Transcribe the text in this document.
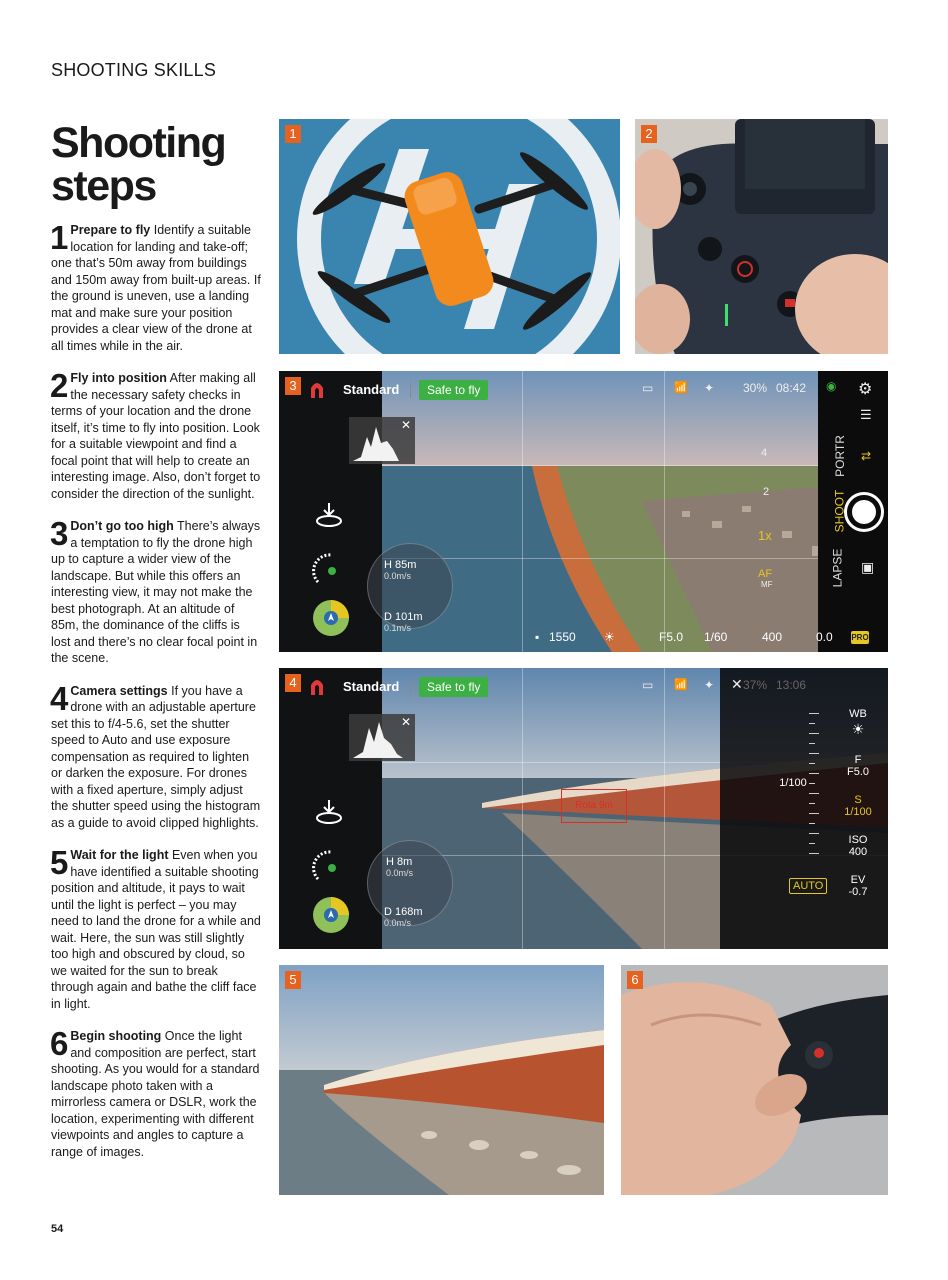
SHOOTING SKILLS
Shooting steps

1 Prepare to fly Identify a suitable location for landing and take-off; one that’s 50m away from buildings and 150m away from built-up areas. If the ground is uneven, use a landing mat and make sure your position provides a clear view of the drone at all times while in the air.

2 Fly into position After making all the necessary safety checks in terms of your location and the drone itself, it’s time to fly into position. Look for a suitable viewpoint and find a focal point that will help to create an interesting image. Also, don’t forget to consider the direction of the sunlight.

3 Don’t go too high There’s always a temptation to fly the drone high up to capture a wider view of the landscape. But while this offers an interesting view, it may not make the best photograph. At an altitude of 85m, the dominance of the cliffs is lost and there’s no clear focal point in the scene.

4 Camera settings If you have a drone with an adjustable aperture set this to f/4-5.6, set the shutter speed to Auto and use exposure compensation as required to lighten or darken the exposure. For drones with a fixed aperture, simply adjust the shutter speed using the histogram as a guide to avoid clipped highlights.

5 Wait for the light Even when you have identified a suitable shooting position and altitude, it pays to wait until the light is perfect – you may need to land the drone for a while and wait. Here, the sun was still slightly too high and obscured by cloud, so we waited for the sun to break through again and bathe the cliff face in light.

6 Begin shooting Once the light and composition are perfect, start shooting. As you would for a standard landscape photo taken with a mirrorless camera or DSLR, work the location, experimenting with different viewpoints and angles to capture a range of images.

54
1	2
3	Standard	Safe to fly	▭ 📶 ✦ 30% 08:42
✕
H 85m
0.0m/s
D 101m
0.1m/s
4
2
1x
AF
MF
◉ ⚙
☰
PORTR
SHOOT
LAPSE
⇄
▣
PRO
▪ 1550 ☀	F5.0 1/60	400	0.0
4	Standard	Safe to fly	▭ 📶 ✦ ✕ 37% 13:06
✕
H 8m
0.0m/s
D 168m
0.0m/s
Rota 9m
1/100
AUTO
WB
☀
F
F5.0
S
1/100
ISO
400
EV
-0.7
5	6
